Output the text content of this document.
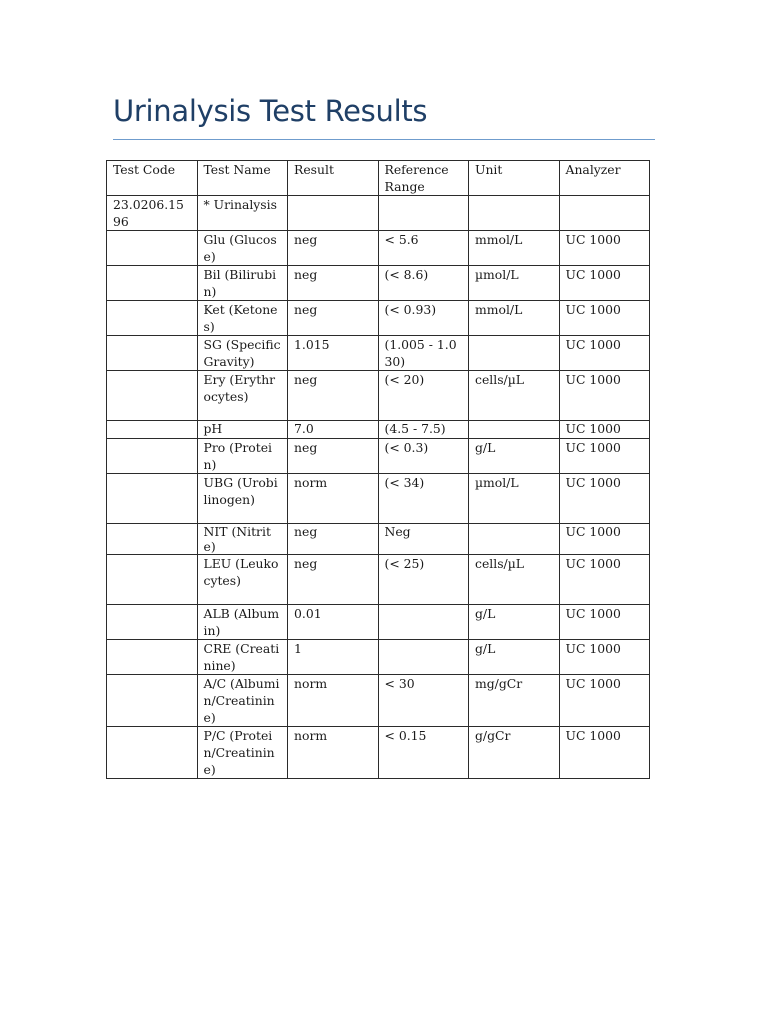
Urinalysis Test Results
Test Code	Test Name	Result	Reference Range	Unit	Analyzer
23.0206.1596	* Urinalysis				
	Glu (Glucose)	neg	< 5.6	mmol/L	UC 1000
	Bil (Bilirubin)	neg	(< 8.6)	µmol/L	UC 1000
	Ket (Ketones)	neg	(< 0.93)	mmol/L	UC 1000
	SG (Specific Gravity)	1.015	(1.005 - 1.030)		UC 1000
	Ery (Erythrocytes)	neg	(< 20)	cells/µL	UC 1000
	pH	7.0	(4.5 - 7.5)		UC 1000
	Pro (Protein)	neg	(< 0.3)	g/L	UC 1000
	UBG (Urobilinogen)	norm	(< 34)	µmol/L	UC 1000
	NIT (Nitrite)	neg	Neg		UC 1000
	LEU (Leukocytes)	neg	(< 25)	cells/µL	UC 1000
	ALB (Albumin)	0.01		g/L	UC 1000
	CRE (Creatinine)	1		g/L	UC 1000
	A/C (Albumin/Creatinine)	norm	< 30	mg/gCr	UC 1000
	P/C (Protein/Creatinine)	norm	< 0.15	g/gCr	UC 1000
